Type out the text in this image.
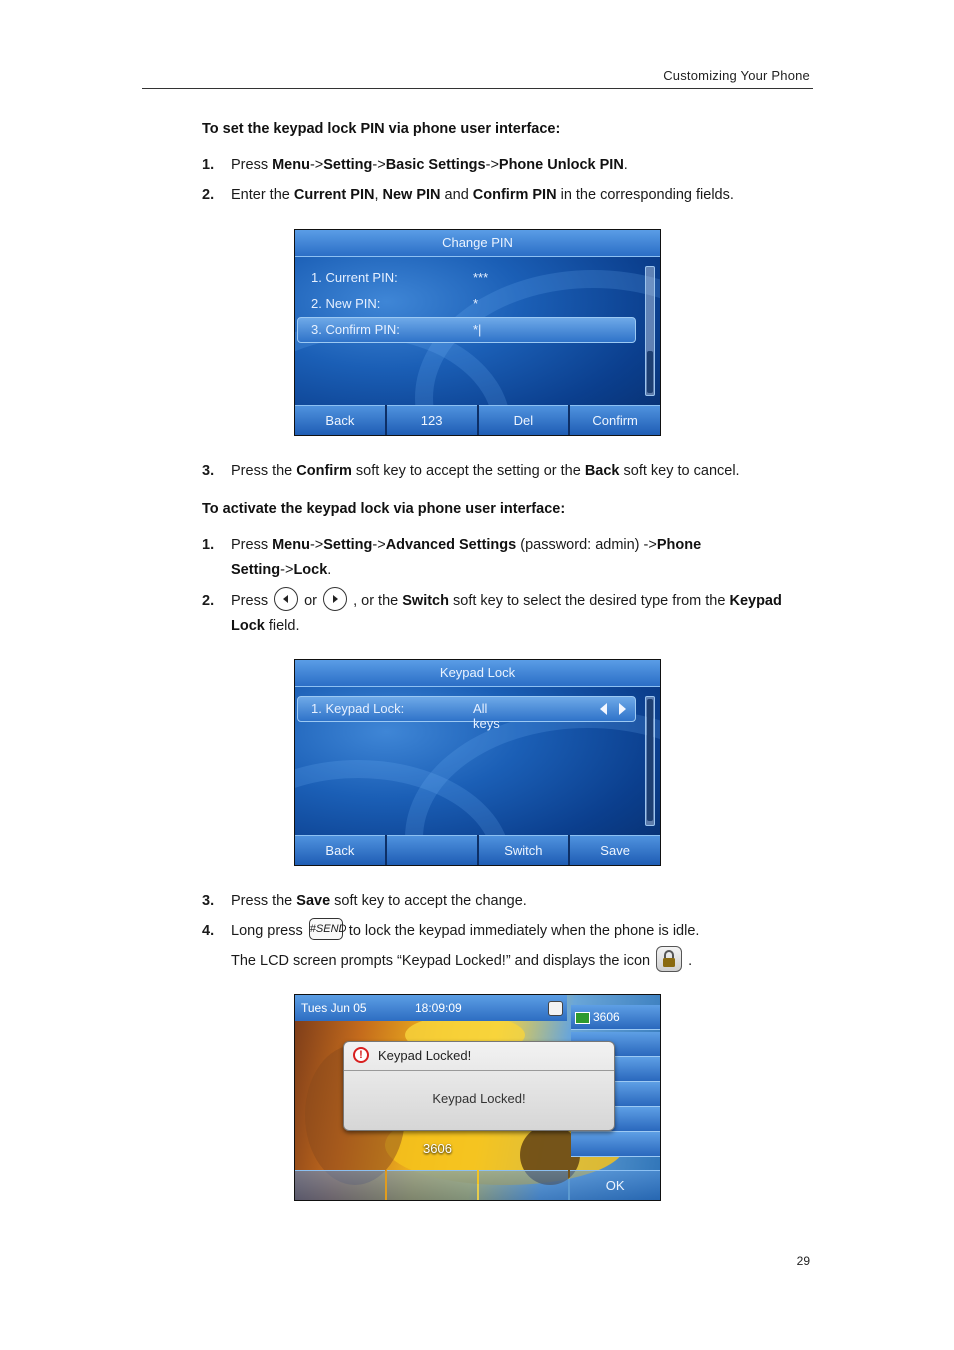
Customizing Your Phone
To set the keypad lock PIN via phone user interface:
1. Press Menu->Setting->Basic Settings->Phone Unlock PIN.
2. Enter the Current PIN, New PIN and Confirm PIN in the corresponding fields.
Change PIN
1. Current PIN:	***
2. New PIN:	*
3. Confirm PIN:	*|
Back	123	Del	Confirm
3. Press the Confirm soft key to accept the setting or the Back soft key to cancel.
To activate the keypad lock via phone user interface:
1. Press Menu->Setting->Advanced Settings (password: admin) ->Phone
Setting->Lock.
2. Press
or
, or the Switch soft key to select the desired type from the Keypad
Lock field.
Keypad Lock
1. Keypad Lock:	All keys
Back	Switch	Save
3. Press the Save soft key to accept the change.
4. Long press #SEND to lock the keypad immediately when the phone is idle.
The LCD screen prompts “Keypad Locked!” and displays the icon  .
Tues Jun 05	18:09:09
3606
3606
!	Keypad Locked!
Keypad Locked!
OK
29
